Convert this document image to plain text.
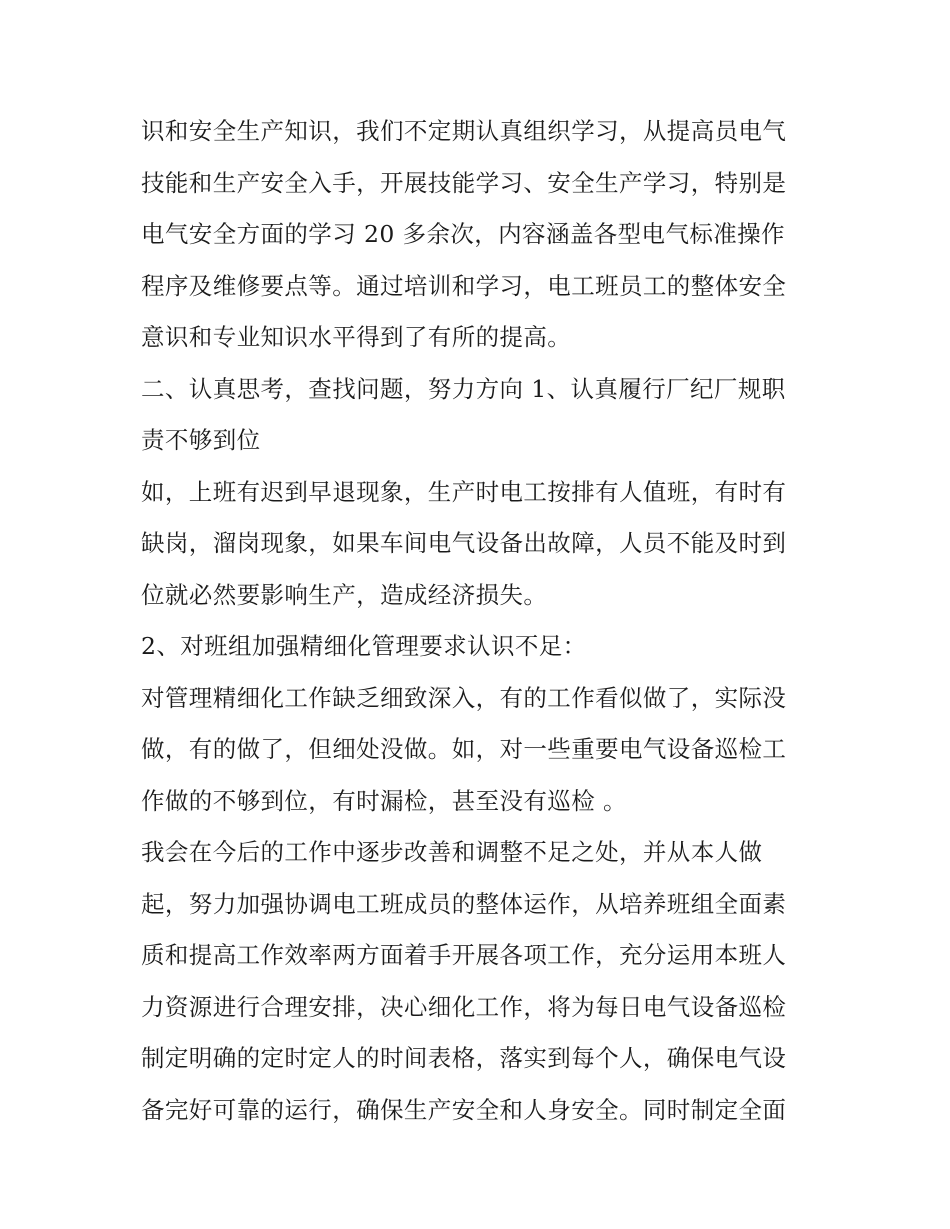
识和安全生产知识，我们不定期认真组织学习，从提高员电气
技能和生产安全入手，开展技能学习、安全生产学习，特别是
电气安全方面的学习 20 多余次，内容涵盖各型电气标准操作
程序及维修要点等。通过培训和学习，电工班员工的整体安全
意识和专业知识水平得到了有所的提高。
二、认真思考，查找问题，努力方向 1、认真履行厂纪厂规职
责不够到位
如，上班有迟到早退现象，生产时电工按排有人值班，有时有
缺岗，溜岗现象，如果车间电气设备出故障，人员不能及时到
位就必然要影响生产，造成经济损失。
2、对班组加强精细化管理要求认识不足：
对管理精细化工作缺乏细致深入，有的工作看似做了，实际没
做，有的做了，但细处没做。如，对一些重要电气设备巡检工
作做的不够到位，有时漏检，甚至没有巡检 。
我会在今后的工作中逐步改善和调整不足之处，并从本人做
起，努力加强协调电工班成员的整体运作，从培养班组全面素
质和提高工作效率两方面着手开展各项工作，充分运用本班人
力资源进行合理安排，决心细化工作，将为每日电气设备巡检
制定明确的定时定人的时间表格，落实到每个人，确保电气设
备完好可靠的运行，确保生产安全和人身安全。同时制定全面
